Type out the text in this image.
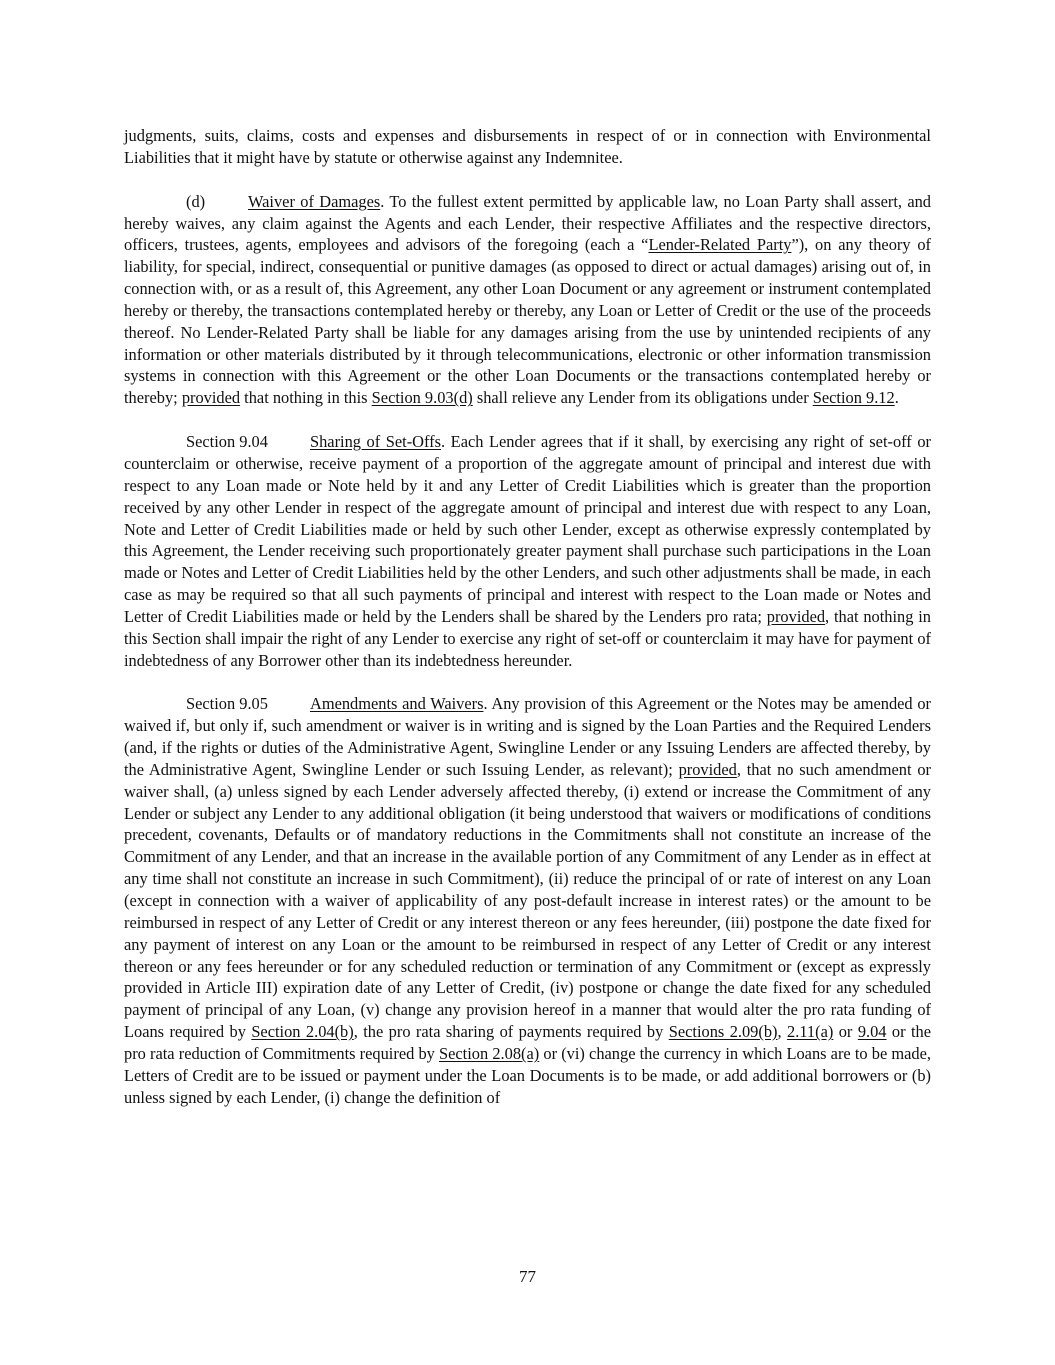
judgments, suits, claims, costs and expenses and disbursements in respect of or in connection with Environmental Liabilities that it might have by statute or otherwise against any Indemnitee.

(d)	Waiver of Damages. To the fullest extent permitted by applicable law, no Loan Party shall assert, and hereby waives, any claim against the Agents and each Lender, their respective Affiliates and the respective directors, officers, trustees, agents, employees and advisors of the foregoing (each a “Lender-Related Party”), on any theory of liability, for special, indirect, consequential or punitive damages (as opposed to direct or actual damages) arising out of, in connection with, or as a result of, this Agreement, any other Loan Document or any agreement or instrument contemplated hereby or thereby, the transactions contemplated hereby or thereby, any Loan or Letter of Credit or the use of the proceeds thereof. No Lender-Related Party shall be liable for any damages arising from the use by unintended recipients of any information or other materials distributed by it through telecommunications, electronic or other information transmission systems in connection with this Agreement or the other Loan Documents or the transactions contemplated hereby or thereby; provided that nothing in this Section 9.03(d) shall relieve any Lender from its obligations under Section 9.12.

Section 9.04	Sharing of Set-Offs. Each Lender agrees that if it shall, by exercising any right of set-off or counterclaim or otherwise, receive payment of a proportion of the aggregate amount of principal and interest due with respect to any Loan made or Note held by it and any Letter of Credit Liabilities which is greater than the proportion received by any other Lender in respect of the aggregate amount of principal and interest due with respect to any Loan, Note and Letter of Credit Liabilities made or held by such other Lender, except as otherwise expressly contemplated by this Agreement, the Lender receiving such proportionately greater payment shall purchase such participations in the Loan made or Notes and Letter of Credit Liabilities held by the other Lenders, and such other adjustments shall be made, in each case as may be required so that all such payments of principal and interest with respect to the Loan made or Notes and Letter of Credit Liabilities made or held by the Lenders shall be shared by the Lenders pro rata; provided, that nothing in this Section shall impair the right of any Lender to exercise any right of set-off or counterclaim it may have for payment of indebtedness of any Borrower other than its indebtedness hereunder.

Section 9.05	Amendments and Waivers. Any provision of this Agreement or the Notes may be amended or waived if, but only if, such amendment or waiver is in writing and is signed by the Loan Parties and the Required Lenders (and, if the rights or duties of the Administrative Agent, Swingline Lender or any Issuing Lenders are affected thereby, by the Administrative Agent, Swingline Lender or such Issuing Lender, as relevant); provided, that no such amendment or waiver shall, (a) unless signed by each Lender adversely affected thereby, (i) extend or increase the Commitment of any Lender or subject any Lender to any additional obligation (it being understood that waivers or modifications of conditions precedent, covenants, Defaults or of mandatory reductions in the Commitments shall not constitute an increase of the Commitment of any Lender, and that an increase in the available portion of any Commitment of any Lender as in effect at any time shall not constitute an increase in such Commitment), (ii) reduce the principal of or rate of interest on any Loan (except in connection with a waiver of applicability of any post-default increase in interest rates) or the amount to be reimbursed in respect of any Letter of Credit or any interest thereon or any fees hereunder, (iii) postpone the date fixed for any payment of interest on any Loan or the amount to be reimbursed in respect of any Letter of Credit or any interest thereon or any fees hereunder or for any scheduled reduction or termination of any Commitment or (except as expressly provided in Article III) expiration date of any Letter of Credit, (iv) postpone or change the date fixed for any scheduled payment of principal of any Loan, (v) change any provision hereof in a manner that would alter the pro rata funding of Loans required by Section 2.04(b), the pro rata sharing of payments required by Sections 2.09(b), 2.11(a) or 9.04 or the pro rata reduction of Commitments required by Section 2.08(a) or (vi) change the currency in which Loans are to be made, Letters of Credit are to be issued or payment under the Loan Documents is to be made, or add additional borrowers or (b) unless signed by each Lender, (i) change the definition of

77
